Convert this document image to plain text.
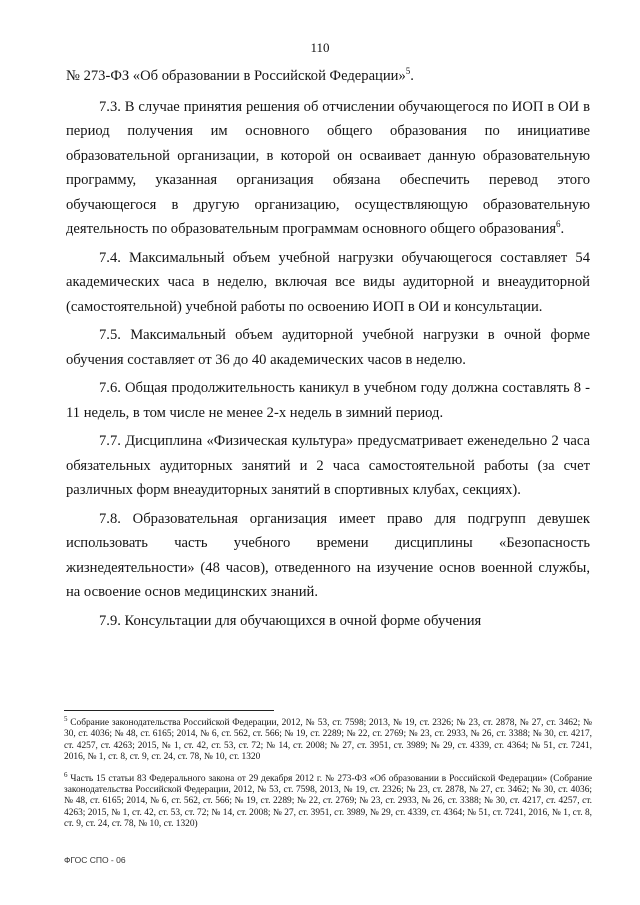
110

№ 273-ФЗ «Об образовании в Российской Федерации»$^5$.

7.3. В случае принятия решения об отчислении обучающегося по ИОП в ОИ в период получения им основного общего образования по инициативе образовательной организации, в которой он осваивает данную образовательную программу, указанная организация обязана обеспечить перевод этого обучающегося в другую организацию, осуществляющую образовательную деятельность по образовательным программам основного общего образования$^6$.

7.4. Максимальный объем учебной нагрузки обучающегося составляет 54 академических часа в неделю, включая все виды аудиторной и внеаудиторной (самостоятельной) учебной работы по освоению ИОП в ОИ и консультации.

7.5. Максимальный объем аудиторной учебной нагрузки в очной форме обучения составляет от 36 до 40 академических часов в неделю.

7.6. Общая продолжительность каникул в учебном году должна составлять 8 - 11 недель, в том числе не менее 2-х недель в зимний период.

7.7. Дисциплина «Физическая культура» предусматривает еженедельно 2 часа обязательных аудиторных занятий и 2 часа самостоятельной работы (за счет различных форм внеаудиторных занятий в спортивных клубах, секциях).

7.8. Образовательная организация имеет право для подгрупп девушек использовать часть учебного времени дисциплины «Безопасность жизнедеятельности» (48 часов), отведенного на изучение основ военной службы, на освоение основ медицинских знаний.

7.9. Консультации для обучающихся в очной форме обучения

$^5$ Собрание законодательства Российской Федерации, 2012, № 53, ст. 7598; 2013, № 19, ст. 2326; № 23, ст. 2878, № 27, ст. 3462; № 30, ст. 4036; № 48, ст. 6165; 2014, № 6, ст. 562, ст. 566; № 19, ст. 2289; № 22, ст. 2769; № 23, ст. 2933, № 26, ст. 3388; № 30, ст. 4217, ст. 4257, ст. 4263; 2015, № 1, ст. 42, ст. 53, ст. 72; № 14, ст. 2008; № 27, ст. 3951, ст. 3989; № 29, ст. 4339, ст. 4364; № 51, ст. 7241, 2016, № 1, ст. 8, ст. 9, ст. 24, ст. 78, № 10, ст. 1320

$^6$ Часть 15 статьи 83 Федерального закона от 29 декабря 2012 г. № 273-ФЗ «Об образовании в Российской Федерации» (Собрание законодательства Российской Федерации, 2012, № 53, ст. 7598, 2013, № 19, ст. 2326; № 23, ст. 2878, № 27, ст. 3462; № 30, ст. 4036; № 48, ст. 6165; 2014, № 6, ст. 562, ст. 566; № 19, ст. 2289; № 22, ст. 2769; № 23, ст. 2933, № 26, ст. 3388; № 30, ст. 4217, ст. 4257, ст. 4263; 2015, № 1, ст. 42, ст. 53, ст. 72; № 14, ст. 2008; № 27, ст. 3951, ст. 3989, № 29, ст. 4339, ст. 4364; № 51, ст. 7241, 2016, № 1, ст. 8, ст. 9, ст. 24, ст. 78, № 10, ст. 1320)

ФГОС СПО - 06
